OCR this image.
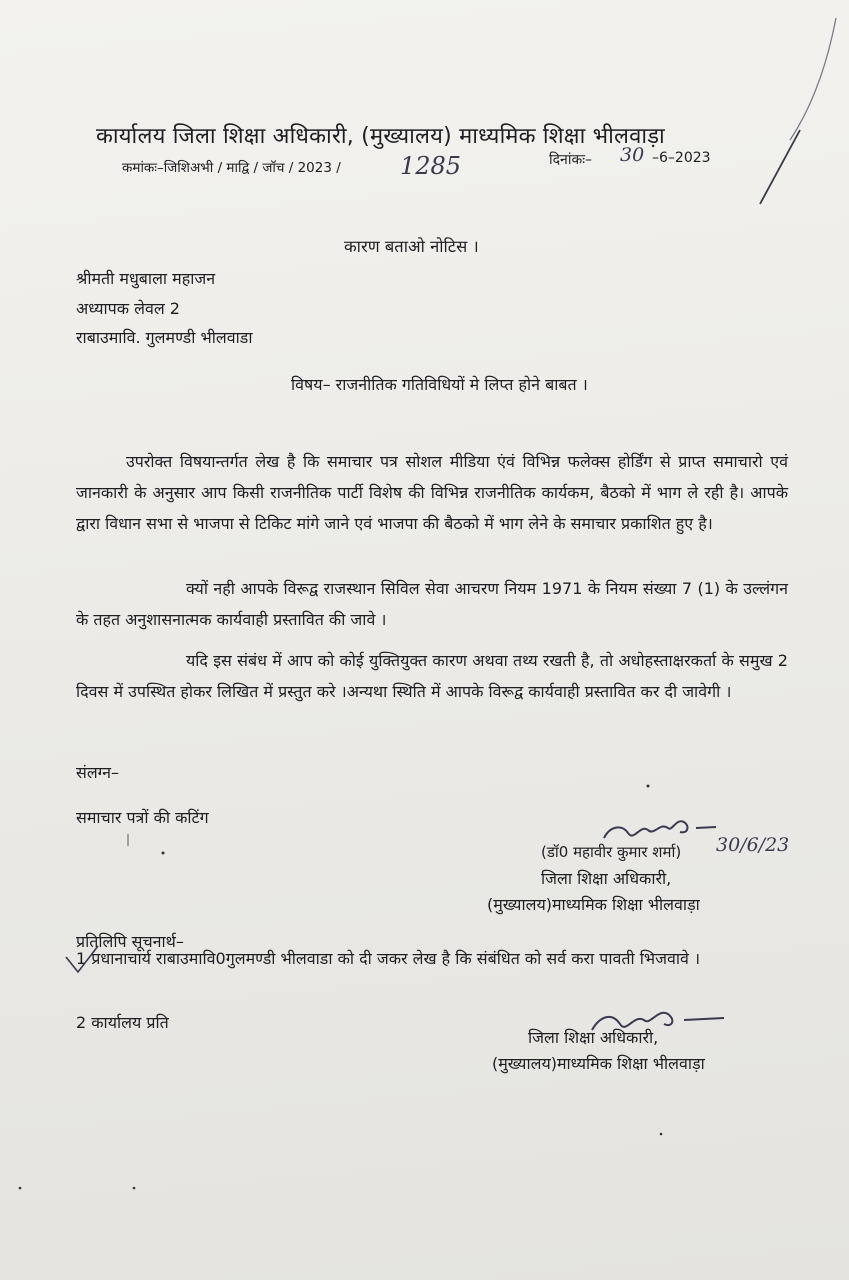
कार्यालय जिला शिक्षा अधिकारी, (मुख्यालय) माध्यमिक शिक्षा भीलवाड़ा
कमांकः–जिशिअभी / माद्वि / जॉच / 2023 / 1285	दिनांकः– 30 –6–2023
कारण बताओ नोटिस ।
श्रीमती मधुबाला महाजन
अध्यापक लेवल 2
राबाउमावि. गुलमण्डी भीलवाडा
विषय– राजनीतिक गतिविधियों मे लिप्त होने बाबत ।
उपरोक्त विषयान्तर्गत लेख है कि समाचार पत्र सोशल मीडिया एंवं विभिन्न फलेक्स होर्डिंग से प्राप्त समाचारो एवं जानकारी के अनुसार आप किसी राजनीतिक पार्टी विशेष की विभिन्न राजनीतिक कार्यकम, बैठको में भाग ले रही है। आपके द्वारा विधान सभा से भाजपा से टिकिट मांगे जाने एवं भाजपा की बैठको में भाग लेने के समाचार प्रकाशित हुए है।
क्यों नही आपके विरूद्व राजस्थान सिविल सेवा आचरण नियम 1971 के नियम संख्या 7 (1) के उल्लंगन के तहत अनुशासनात्मक कार्यवाही प्रस्तावित की जावे ।
यदि इस संबंध में आप को कोई युक्तियुक्त कारण अथवा तथ्य रखती है, तो अधोहस्ताक्षरकर्ता के समुख 2 दिवस में उपस्थित होकर लिखित में प्रस्तुत करे ।अन्यथा स्थिति में आपके विरूद्व कार्यवाही प्रस्तावित कर दी जावेगी ।
संलग्न–
समाचार पत्रों की कटिंग
(डॉ0 महावीर कुमार शर्मा) 30/6/23
जिला शिक्षा अधिकारी,
(मुख्यालय)माध्यमिक शिक्षा भीलवाड़ा
प्रतिलिपि सूचनार्थ–
1 प्रधानाचार्य राबाउमावि0गुलमण्डी भीलवाडा को दी जकर लेख है कि संबंधित को सर्व करा पावती भिजवावे ।
2 कार्यालय प्रति
जिला शिक्षा अधिकारी,
(मुख्यालय)माध्यमिक शिक्षा भीलवाड़ा
